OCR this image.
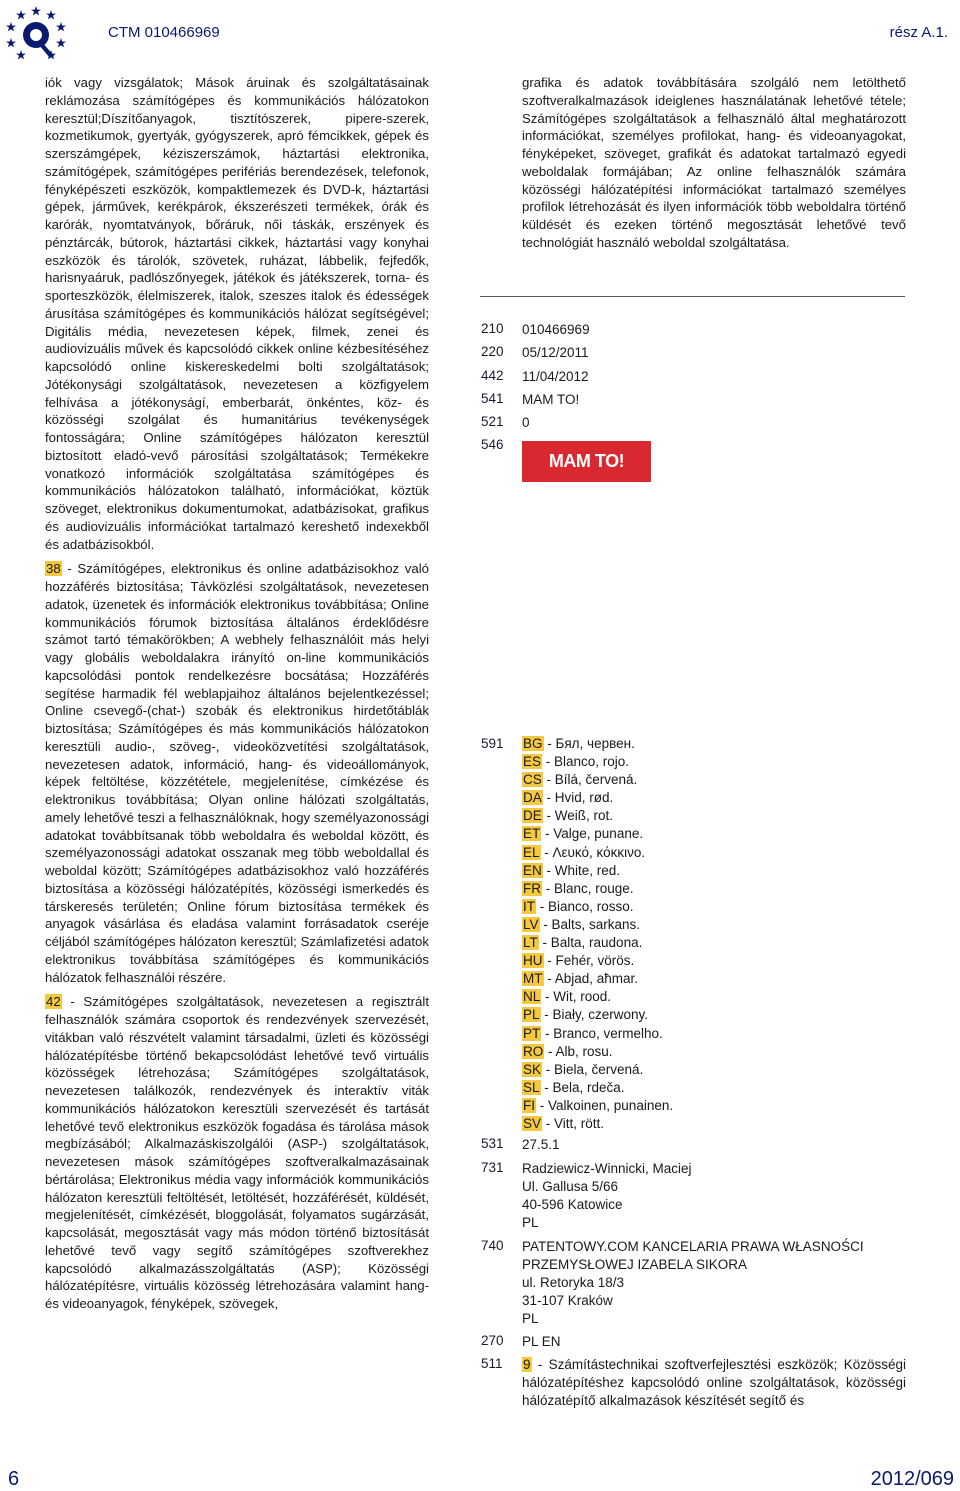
CTM 010466969	rész A.1.

iók vagy vizsgálatok; Mások áruinak és szolgáltatásainak reklámozása számítógépes és kommunikációs hálózatokon keresztül;Díszítőanyagok, tisztítószerek, pipere-szerek, kozmetikumok, gyertyák, gyógyszerek, apró fémcikkek, gépek és szerszámgépek, kéziszerszámok, háztartási elektronika, számítógépek, számítógépes perifériás berendezések, telefonok, fényképészeti eszközök, kompaktlemezek és DVD-k, háztartási gépek, járművek, kerékpárok, ékszerészeti termékek, órák és karórák, nyomtatványok, bőráruk, női táskák, erszények és pénztárcák, bútorok, háztartási cikkek, háztartási vagy konyhai eszközök és tárolók, szövetek, ruházat, lábbelik, fejfedők, harisnyaáruk, padlószőnyegek, játékok és játékszerek, torna- és sporteszközök, élelmiszerek, italok, szeszes italok és édességek árusítása számítógépes és kommunikációs hálózat segítségével; Digitális média, nevezetesen képek, filmek, zenei és audiovizuális művek és kapcsolódó cikkek online kézbesítéséhez kapcsolódó online kiskereskedelmi bolti szolgáltatások; Jótékonysági szolgáltatások, nevezetesen a közfigyelem felhívása a jótékonyságí, emberbarát, önkéntes, köz- és közösségi szolgálat és humanitárius tevékenységek fontosságára; Online számítógépes hálózaton keresztül biztosított eladó-vevő párosítási szolgáltatások; Termékekre vonatkozó információk szolgáltatása számítógépes és kommunikációs hálózatokon található, információkat, köztük szöveget, elektronikus dokumentumokat, adatbázisokat, grafikus és audiovizuális információkat tartalmazó kereshető indexekből és adatbázisokból.

38 - Számítógépes, elektronikus és online adatbázisokhoz való hozzáférés biztosítása; Távközlési szolgáltatások, nevezetesen adatok, üzenetek és információk elektronikus továbbítása; Online kommunikációs fórumok biztosítása általános érdeklődésre számot tartó témakörökben; A webhely felhasználóit más helyi vagy globális weboldalakra irányító on-line kommunikációs kapcsolódási pontok rendelkezésre bocsátása; Hozzáférés segítése harmadik fél weblapjaihoz általános bejelentkezéssel; Online csevegő-(chat-) szobák és elektronikus hirdetőtáblák biztosítása; Számítógépes és más kommunikációs hálózatokon keresztüli audio-, szöveg-, videoközvetítési szolgáltatások, nevezetesen adatok, információ, hang- és videoállományok, képek feltöltése, közzététele, megjelenítése, címkézése és elektronikus továbbítása; Olyan online hálózati szolgáltatás, amely lehetővé teszi a felhasználóknak, hogy személyazonossági adatokat továbbítsanak több weboldalra és weboldal között, és személyazonossági adatokat osszanak meg több weboldallal és weboldal között; Számítógépes adatbázisokhoz való hozzáférés biztosítása a közösségi hálózatépítés, közösségi ismerkedés és társkeresés területén; Online fórum biztosítása termékek és anyagok vásárlása és eladása valamint forrásadatok cseréje céljából számítógépes hálózaton keresztül; Számlafizetési adatok elektronikus továbbítása számítógépes és kommunikációs hálózatok felhasználói részére.

42 - Számítógépes szolgáltatások, nevezetesen a regisztrált felhasználók számára csoportok és rendezvények szervezését, vitákban való részvételt valamint társadalmi, üzleti és közösségi hálózatépítésbe történő bekapcsolódást lehetővé tevő virtuális közösségek létrehozása; Számítógépes szolgáltatások, nevezetesen találkozók, rendezvények és interaktív viták kommunikációs hálózatokon keresztüli szervezését és tartását lehetővé tevő elektronikus eszközök fogadása és tárolása mások megbízásából; Alkalmazáskiszolgálói (ASP-) szolgáltatások, nevezetesen mások számítógépes szoftveralkalmazásainak bértárolása; Elektronikus média vagy információk kommunikációs hálózaton keresztüli feltöltését, letöltését, hozzáférését, küldését, megjelenítését, címkézését, bloggolását, folyamatos sugárzását, kapcsolását, megosztását vagy más módon történő biztosítását lehetővé tevő vagy segítő számítógépes szoftverekhez kapcsolódó alkalmazásszolgáltatás (ASP); Közösségi hálózatépítésre, virtuális közösség létrehozására valamint hang- és videoanyagok, fényképek, szövegek,

grafika és adatok továbbítására szolgáló nem letölthető szoftveralkalmazások ideiglenes használatának lehetővé tétele; Számítógépes szolgáltatások a felhasználó által meghatározott információkat, személyes profilokat, hang- és videoanyagokat, fényképeket, szöveget, grafikát és adatokat tartalmazó egyedi weboldalak formájában; Az online felhasználók számára közösségi hálózatépítési információkat tartalmazó személyes profilok létrehozását és ilyen információk több weboldalra történő küldését és ezeken történő megosztását lehetővé tevő technológiát használó weboldal szolgáltatása.
210 010466969
220 05/12/2011
442 11/04/2012
541 MAM TO!
521 0
546
MAM TO!
591 BG - Бял, червен.
ES - Blanco, rojo.
CS - Bílá, červená.
DA - Hvid, rød.
DE - Weiß, rot.
ET - Valge, punane.
EL - Λευκό, κόκκινο.
EN - White, red.
FR - Blanc, rouge.
IT - Bianco, rosso.
LV - Balts, sarkans.
LT - Balta, raudona.
HU - Fehér, vörös.
MT - Abjad, aħmar.
NL - Wit, rood.
PL - Biały, czerwony.
PT - Branco, vermelho.
RO - Alb, rosu.
SK - Biela, červená.
SL - Bela, rdeča.
FI - Valkoinen, punainen.
SV - Vitt, rött.
531 27.5.1
731 Radziewicz-Winnicki, Maciej
Ul. Gallusa 5/66
40-596 Katowice
PL
740 PATENTOWY.COM KANCELARIA PRAWA WŁASNOŚCI PRZEMYSŁOWEJ IZABELA SIKORA
ul. Retoryka 18/3
31-107 Kraków
PL
270 PL EN
511 9 - Számítástechnikai szoftverfejlesztési eszközök; Közösségi hálózatépítéshez kapcsolódó online szolgáltatások, közösségi hálózatépítő alkalmazások készítését segítő és
6	2012/069
